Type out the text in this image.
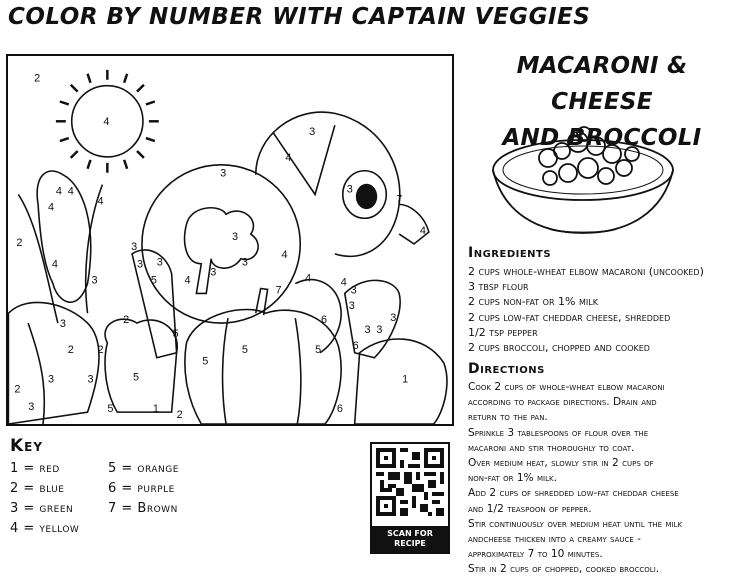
COLOR BY NUMBER WITH CAPTAIN VEGGIES
2
4
3
4
3
3
4
7
4 4
4
4
2
4
3
3
3
4
3
4
3
3 3
4
4
5
5
5
2
3
5
7
6
2
5
5
6
3 3
3
1
3
3	1 2
2
2
3
6
5
3
3
Key
1 = red
2 = blue
3 = green
4 = yellow
5 = orange
6 = purple
7 = Brown
SCAN FOR
RECIPE
MACARONI & CHEESE
AND BROCCOLI
Ingredients
2 cups whole-wheat elbow macaroni (uncooked)
3 tbsp flour
2 cups non-fat or 1% milk
2 cups low-fat cheddar cheese, shredded
1/2 tsp pepper
2 cups broccoli, chopped and cooked
Directions
Cook 2 cups of whole-wheat elbow macaroni
according to package directions. Drain and
return to the pan.
Sprinkle 3 tablespoons of flour over the
macaroni and stir thoroughly to coat.
Over medium heat, slowly stir in 2 cups of
non-fat or 1% milk.
Add 2 cups of shredded low-fat cheddar cheese
and 1/2 teaspoon of pepper.
Stir continuously over medium heat until the milk
andcheese thicken into a creamy sauce -
approximately 7 to 10 minutes.
Stir in 2 cups of chopped, cooked broccoli.
